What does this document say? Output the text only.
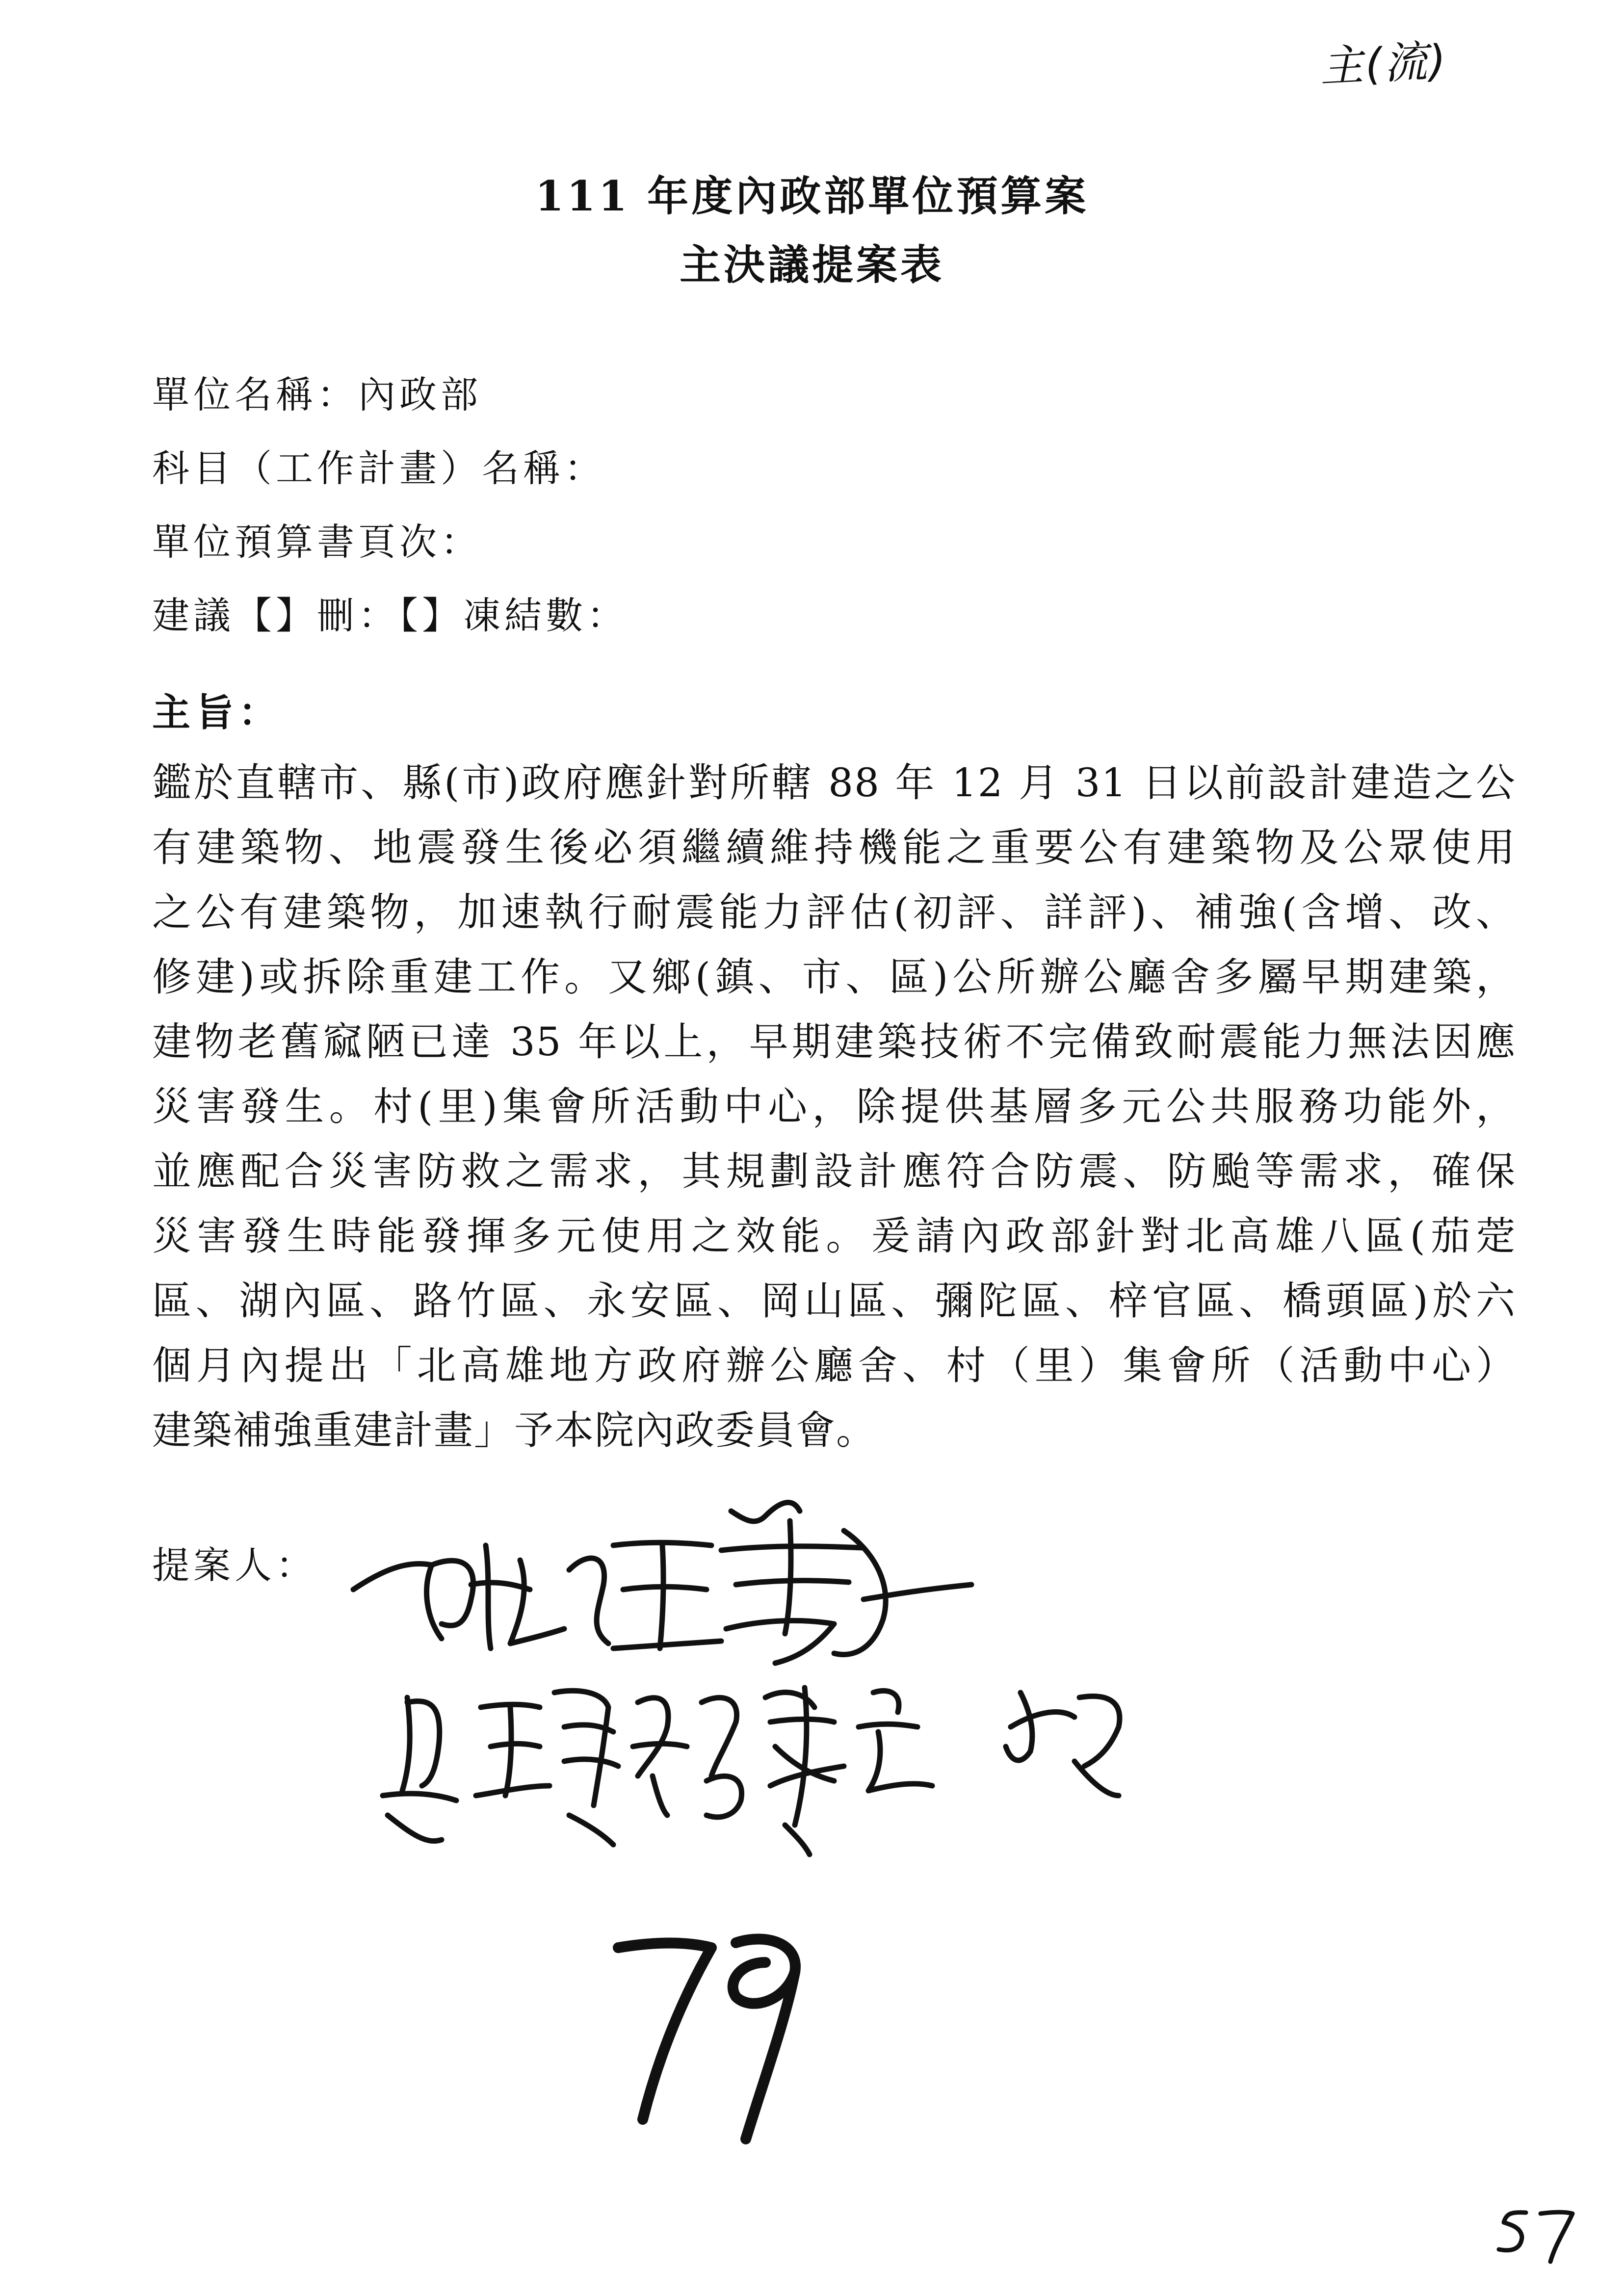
主(流)
111 年度內政部單位預算案
主決議提案表
單位名稱：內政部
科目（工作計畫）名稱：
單位預算書頁次：
建議【】刪：【】凍結數：
主旨：
鑑於直轄市、縣(市)政府應針對所轄 88 年 12 月 31 日以前設計建造之公
有建築物、地震發生後必須繼續維持機能之重要公有建築物及公眾使用
之公有建築物，加速執行耐震能力評估(初評、詳評)、補強(含增、改、
修建)或拆除重建工作。又鄉(鎮、市、區)公所辦公廳舍多屬早期建築，
建物老舊窳陋已達 35 年以上，早期建築技術不完備致耐震能力無法因應
災害發生。村(里)集會所活動中心，除提供基層多元公共服務功能外，
並應配合災害防救之需求，其規劃設計應符合防震、防颱等需求，確保
災害發生時能發揮多元使用之效能。爰請內政部針對北高雄八區(茄萣
區、湖內區、路竹區、永安區、岡山區、彌陀區、梓官區、橋頭區)於六
個月內提出「北高雄地方政府辦公廳舍、村（里）集會所（活動中心）
建築補強重建計畫」予本院內政委員會。
提案人：
